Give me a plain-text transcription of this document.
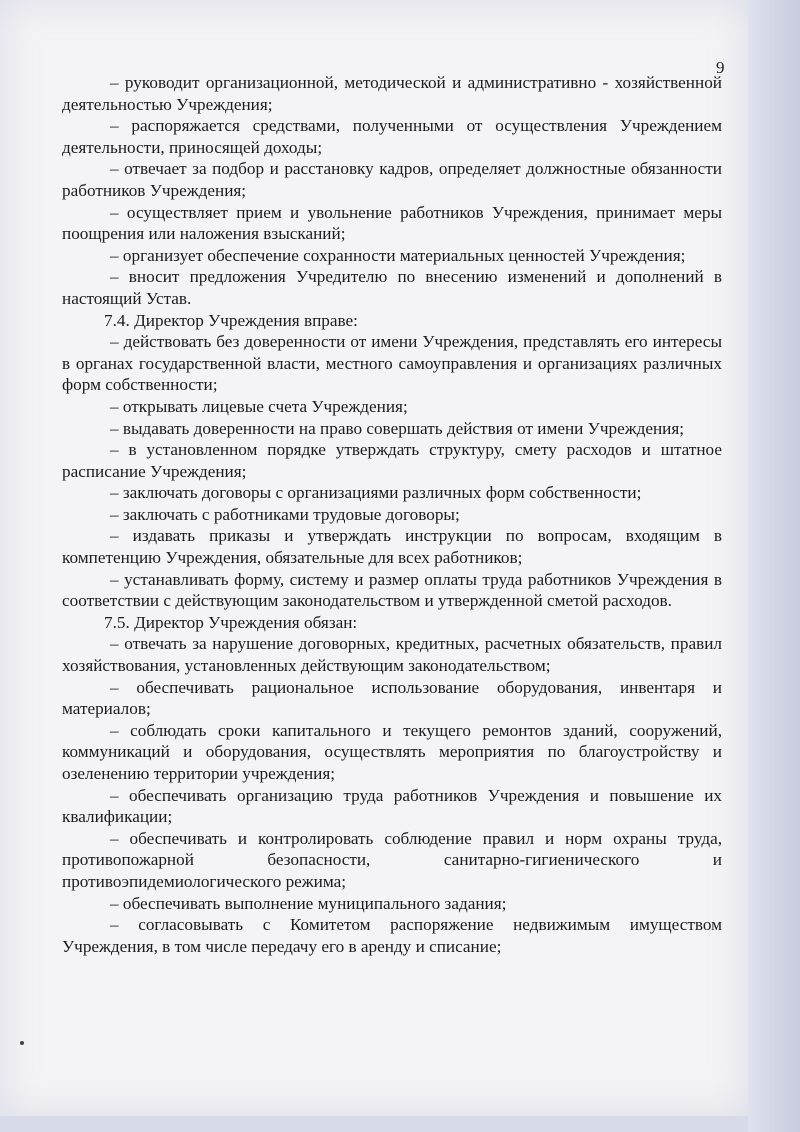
9

– руководит организационной, методической и административно - хозяйственной деятельностью Учреждения;

– распоряжается средствами, полученными от осуществления Учреждением деятельности, приносящей доходы;

– отвечает за подбор и расстановку кадров, определяет должностные обязанности работников Учреждения;

– осуществляет прием и увольнение работников Учреждения, принимает меры поощрения или наложения взысканий;

– организует обеспечение сохранности материальных ценностей Учреждения;

– вносит предложения Учредителю по внесению изменений и дополнений в настоящий Устав.

7.4. Директор Учреждения вправе:

– действовать без доверенности от имени Учреждения, представлять его интересы в органах государственной власти, местного самоуправления и организациях различных форм собственности;

– открывать лицевые счета Учреждения;

– выдавать доверенности на право совершать действия от имени Учреждения;

– в установленном порядке утверждать структуру, смету расходов и штатное расписание Учреждения;

– заключать договоры с организациями различных форм собственности;

– заключать с работниками трудовые договоры;

– издавать приказы и утверждать инструкции по вопросам, входящим в компетенцию Учреждения, обязательные для всех работников;

– устанавливать форму, систему и размер оплаты труда работников Учреждения в соответствии с действующим законодательством и утвержденной сметой расходов.

7.5. Директор Учреждения обязан:

– отвечать за нарушение договорных, кредитных, расчетных обязательств, правил хозяйствования, установленных действующим законодательством;

– обеспечивать рациональное использование оборудования, инвентаря и материалов;

– соблюдать сроки капитального и текущего ремонтов зданий, сооружений, коммуникаций и оборудования, осуществлять мероприятия по благоустройству и озеленению территории учреждения;

– обеспечивать организацию труда работников Учреждения и повышение их квалификации;

– обеспечивать и контролировать соблюдение правил и норм охраны труда, противопожарной безопасности, санитарно-гигиенического и противоэпидемиологического режима;

– обеспечивать выполнение муниципального задания;

– согласовывать с Комитетом распоряжение недвижимым имуществом Учреждения, в том числе передачу его в аренду и списание;
